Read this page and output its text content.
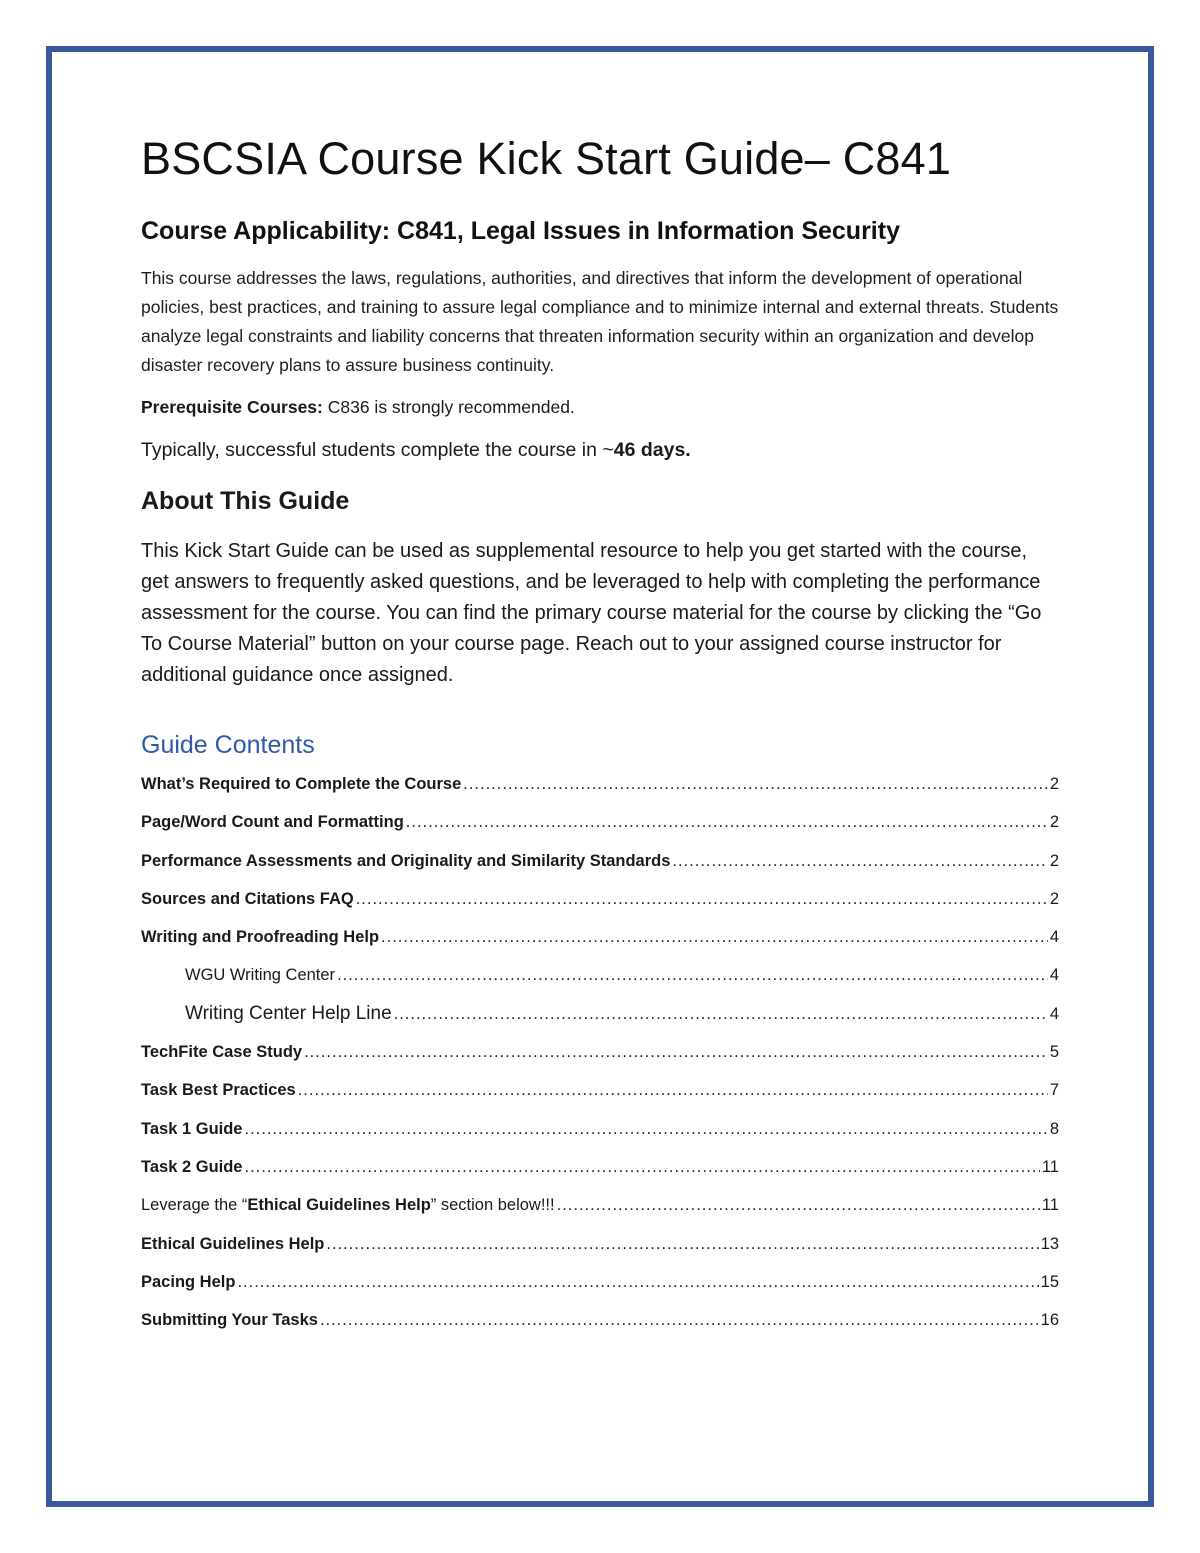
BSCSIA Course Kick Start Guide– C841
Course Applicability: C841, Legal Issues in Information Security

This course addresses the laws, regulations, authorities, and directives that inform the development of operational policies, best practices, and training to assure legal compliance and to minimize internal and external threats. Students analyze legal constraints and liability concerns that threaten information security within an organization and develop disaster recovery plans to assure business continuity.

Prerequisite Courses: C836 is strongly recommended.

Typically, successful students complete the course in ~46 days.

About This Guide

This Kick Start Guide can be used as supplemental resource to help you get started with the course, get answers to frequently asked questions, and be leveraged to help with completing the performance assessment for the course. You can find the primary course material for the course by clicking the “Go To Course Material” button on your course page. Reach out to your assigned course instructor for additional guidance once assigned.

Guide Contents
What’s Required to Complete the Course .....	2
Page/Word Count and Formatting .....	2
Performance Assessments and Originality and Similarity Standards .....	2
Sources and Citations FAQ .....	2
Writing and Proofreading Help .....	4
WGU Writing Center .....	4
Writing Center Help Line .....	4
TechFite Case Study .....	5
Task Best Practices .....	7
Task 1 Guide .....	8
Task 2 Guide .....	11
Leverage the “Ethical Guidelines Help” section below!!! .....	11
Ethical Guidelines Help .....	13
Pacing Help .....	15
Submitting Your Tasks .....	16
